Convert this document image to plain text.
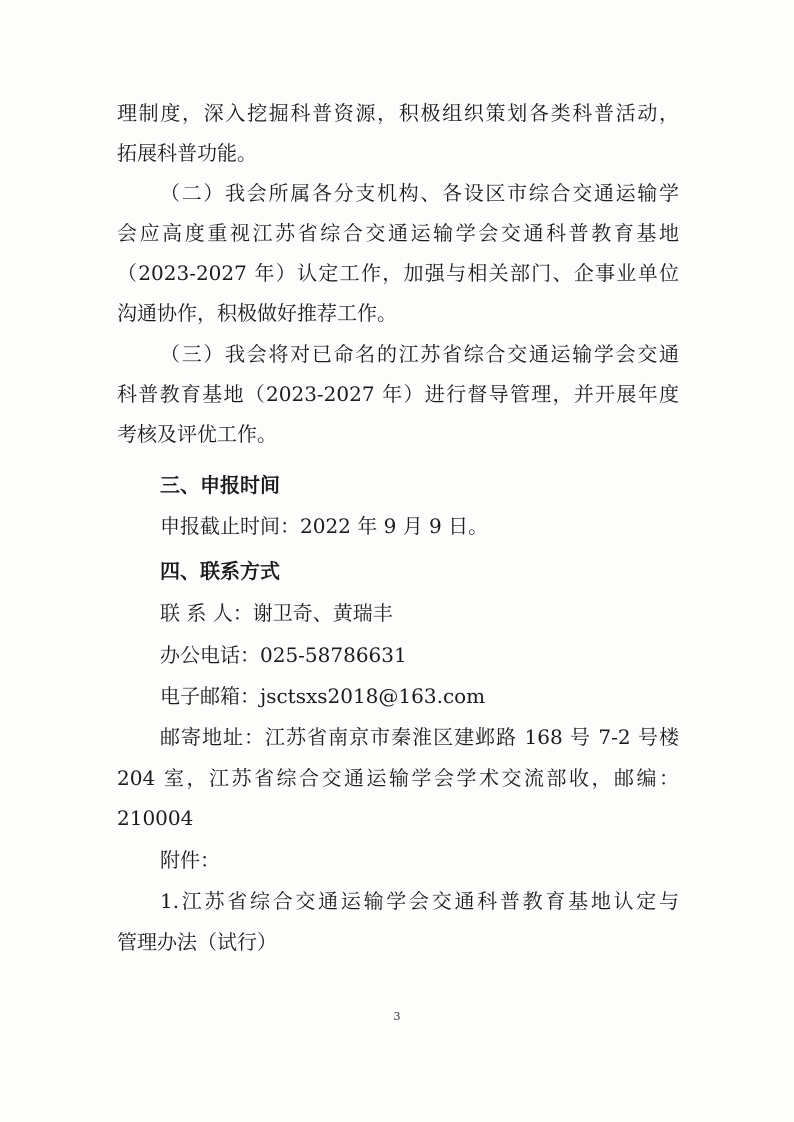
理制度，深入挖掘科普资源，积极组织策划各类科普活动，
拓展科普功能。
（二）我会所属各分支机构、各设区市综合交通运输学
会应高度重视江苏省综合交通运输学会交通科普教育基地
（2023-2027 年）认定工作，加强与相关部门、企事业单位
沟通协作，积极做好推荐工作。
（三）我会将对已命名的江苏省综合交通运输学会交通
科普教育基地（2023-2027 年）进行督导管理，并开展年度
考核及评优工作。
三、申报时间
申报截止时间：2022 年 9 月 9 日。
四、联系方式
联 系 人：谢卫奇、黄瑞丰
办公电话：025-58786631
电子邮箱：jsctsxs2018@163.com
邮寄地址：江苏省南京市秦淮区建邺路 168 号 7-2 号楼
204 室，江苏省综合交通运输学会学术交流部收，邮编：
210004
附件：
1.江苏省综合交通运输学会交通科普教育基地认定与
管理办法（试行）
3
